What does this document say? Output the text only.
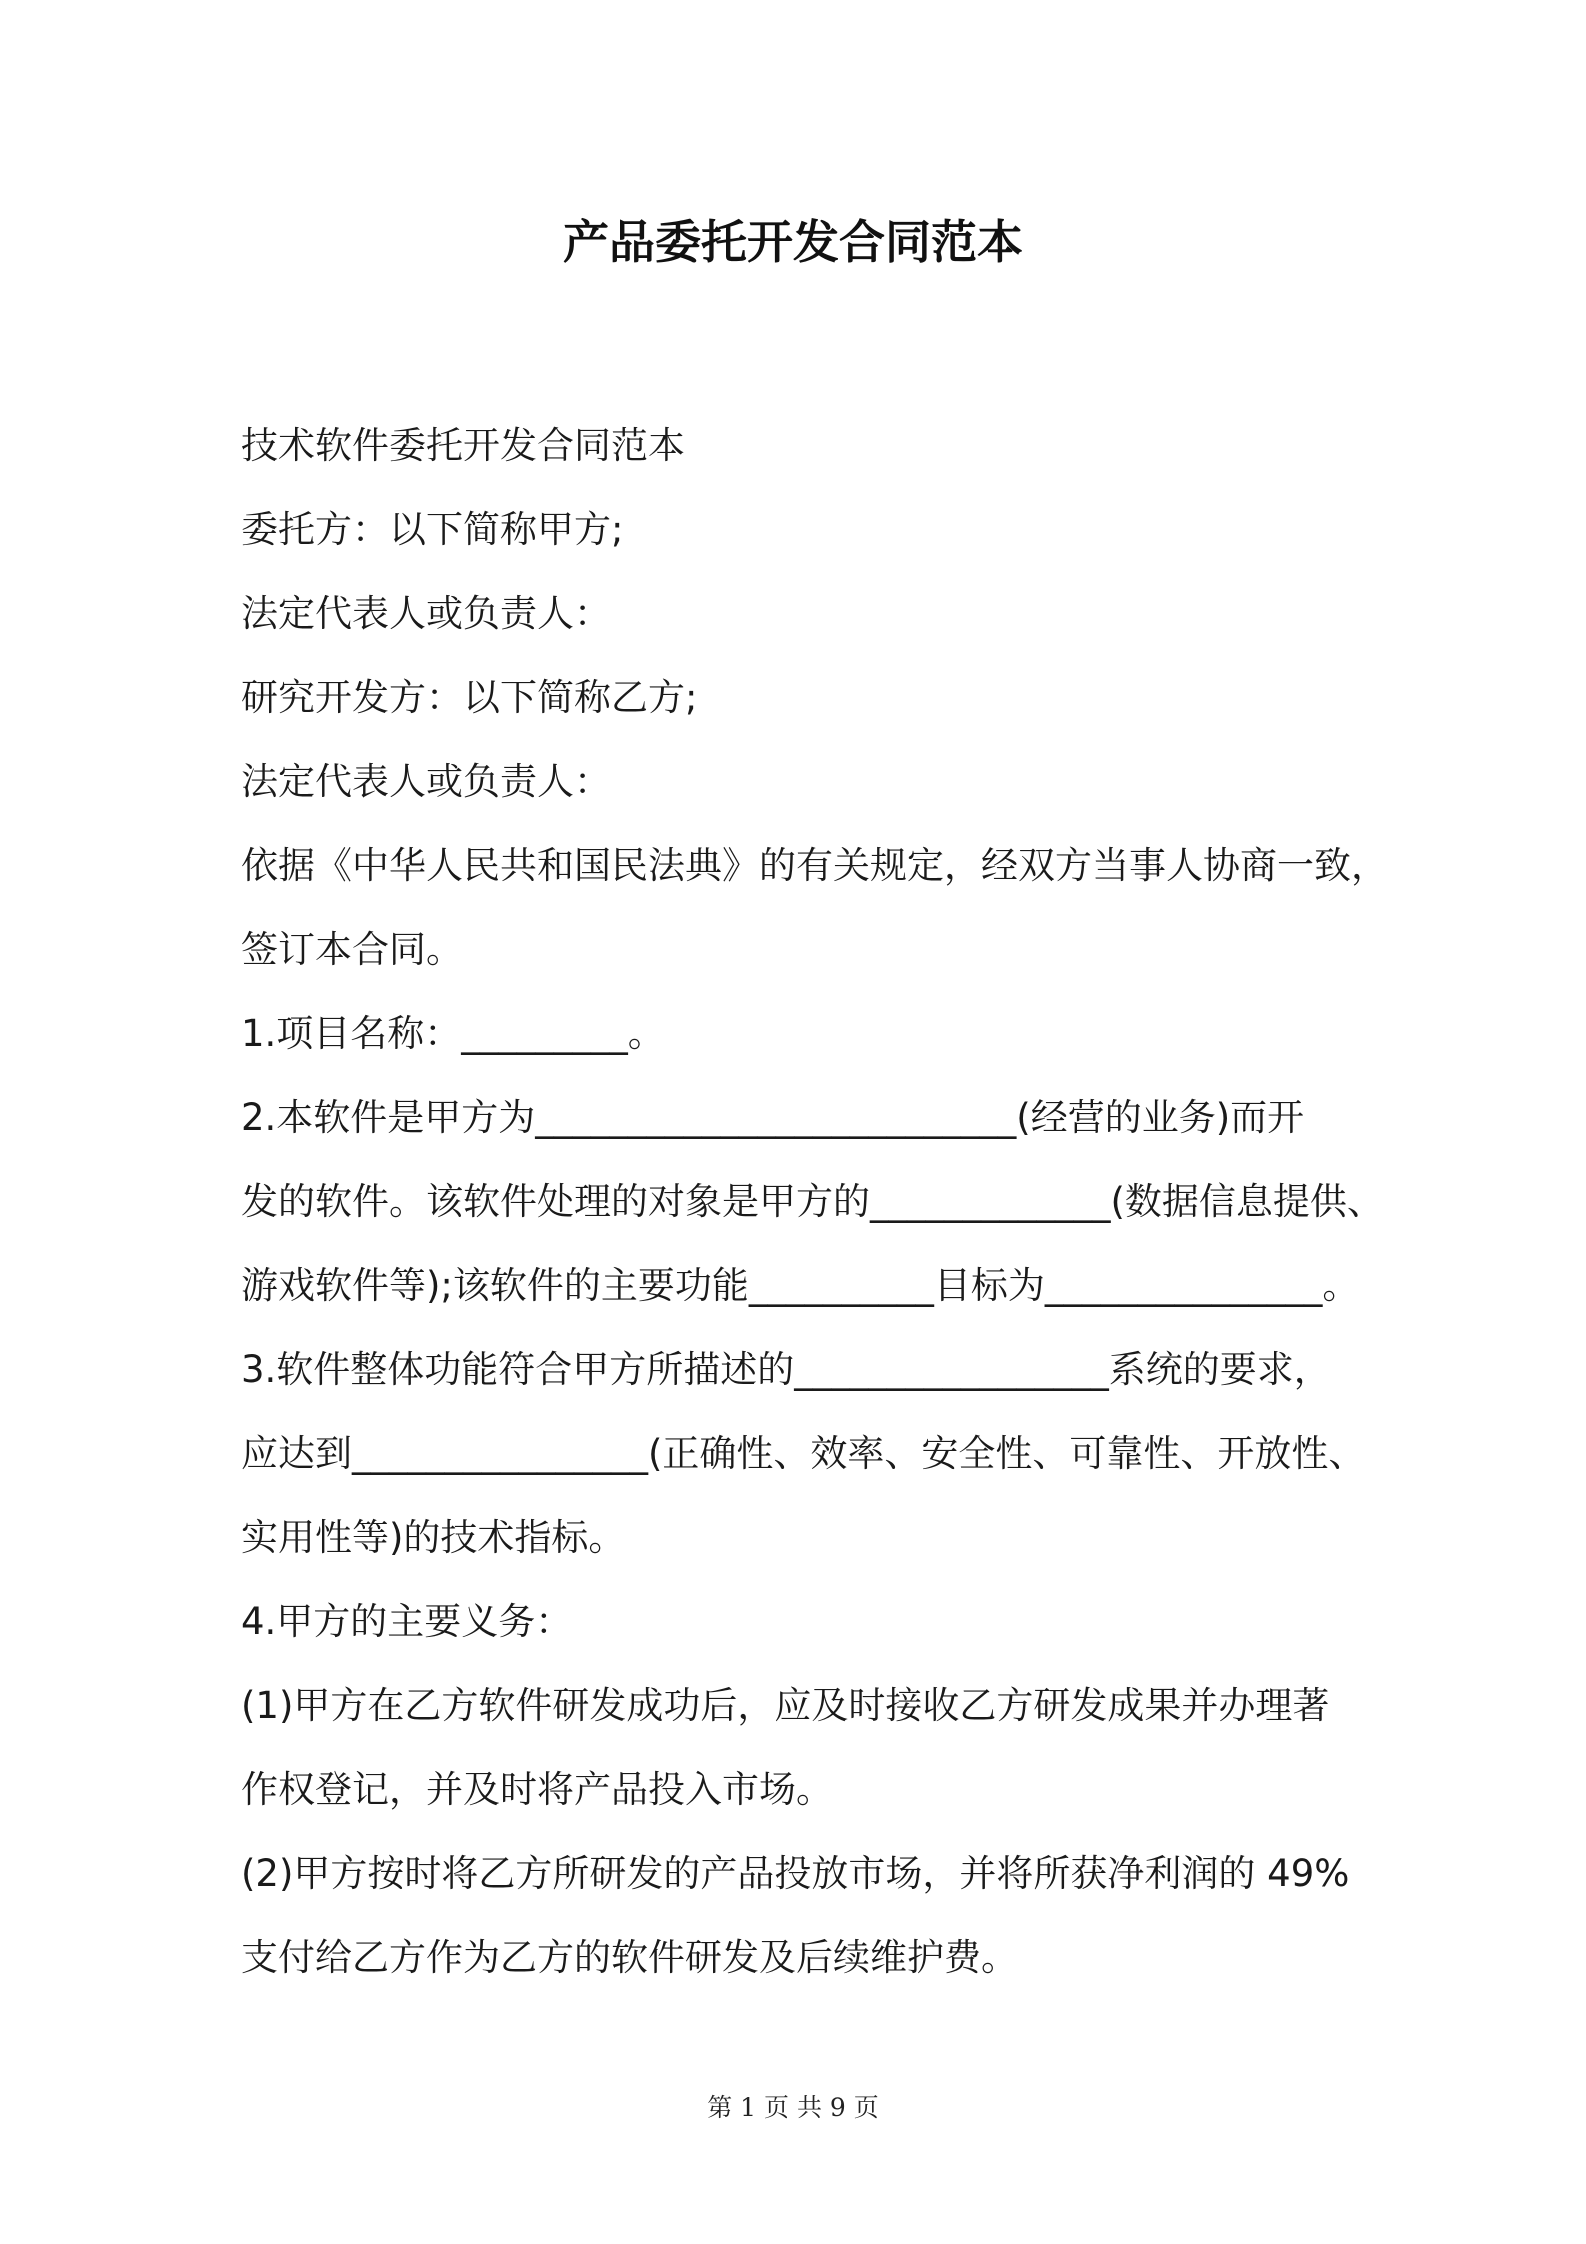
产品委托开发合同范本
技术软件委托开发合同范本
委托方：以下简称甲方;
法定代表人或负责人：
研究开发方：以下简称乙方;
法定代表人或负责人：
依据《中华人民共和国民法典》的有关规定，经双方当事人协商一致，
签订本合同。
1.项目名称：_________。
2.本软件是甲方为__________________________(经营的业务)而开
发的软件。该软件处理的对象是甲方的_____________(数据信息提供、
游戏软件等);该软件的主要功能__________目标为_______________。
3.软件整体功能符合甲方所描述的_________________系统的要求，
应达到________________(正确性、效率、安全性、可靠性、开放性、
实用性等)的技术指标。
4.甲方的主要义务：
(1)甲方在乙方软件研发成功后，应及时接收乙方研发成果并办理著
作权登记，并及时将产品投入市场。
(2)甲方按时将乙方所研发的产品投放市场，并将所获净利润的 49%
支付给乙方作为乙方的软件研发及后续维护费。
第 1 页 共 9 页
